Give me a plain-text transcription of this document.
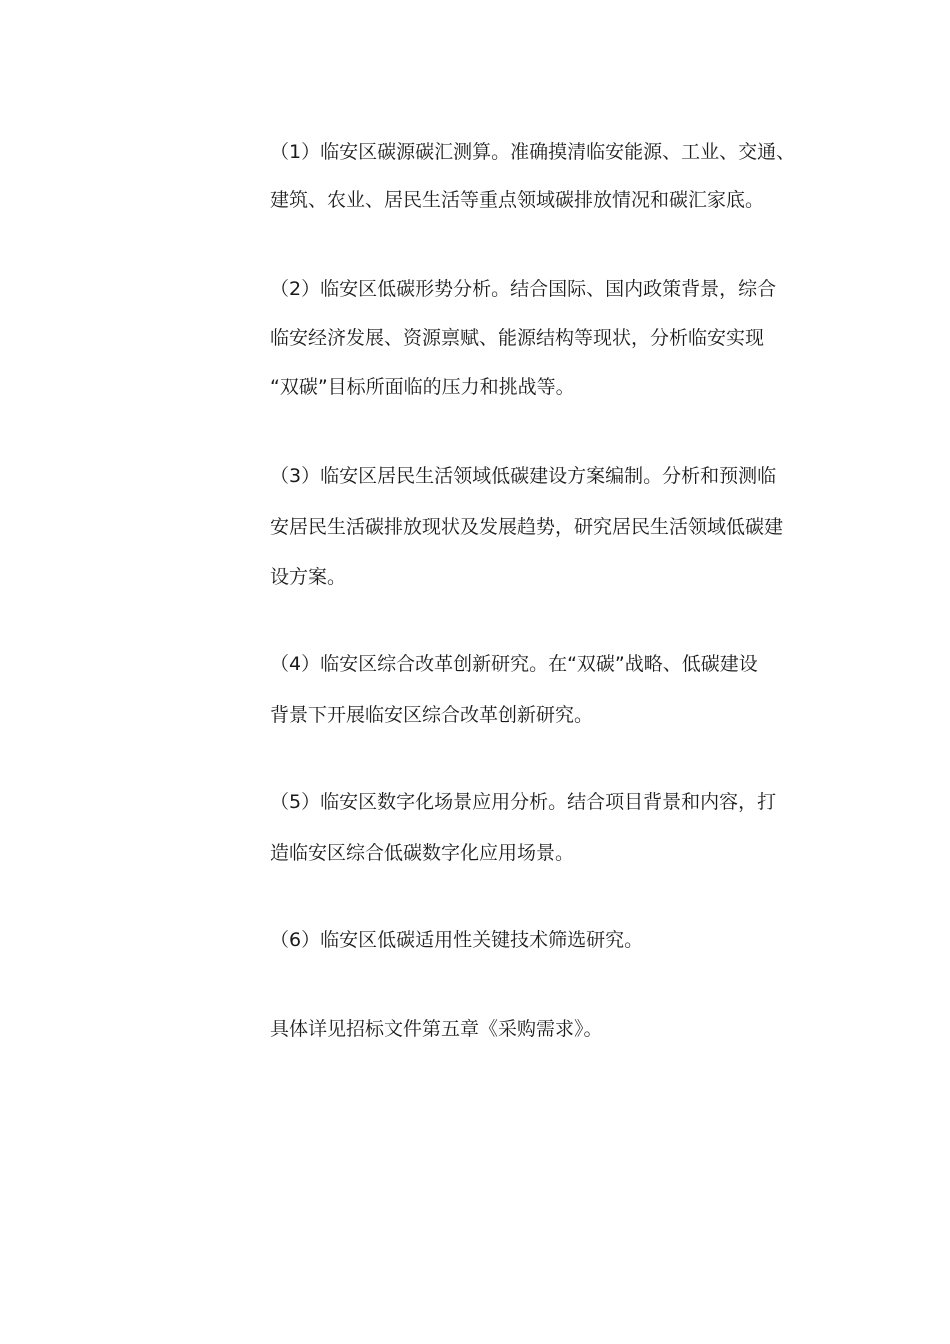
（1）临安区碳源碳汇测算。准确摸清临安能源、工业、交通、
建筑、农业、居民生活等重点领域碳排放情况和碳汇家底。
（2）临安区低碳形势分析。结合国际、国内政策背景，综合
临安经济发展、资源禀赋、能源结构等现状，分析临安实现
“双碳”目标所面临的压力和挑战等。
（3）临安区居民生活领域低碳建设方案编制。分析和预测临
安居民生活碳排放现状及发展趋势，研究居民生活领域低碳建
设方案。
（4）临安区综合改革创新研究。在“双碳”战略、低碳建设
背景下开展临安区综合改革创新研究。
（5）临安区数字化场景应用分析。结合项目背景和内容，打
造临安区综合低碳数字化应用场景。
（6）临安区低碳适用性关键技术筛选研究。
具体详见招标文件第五章《采购需求》。
